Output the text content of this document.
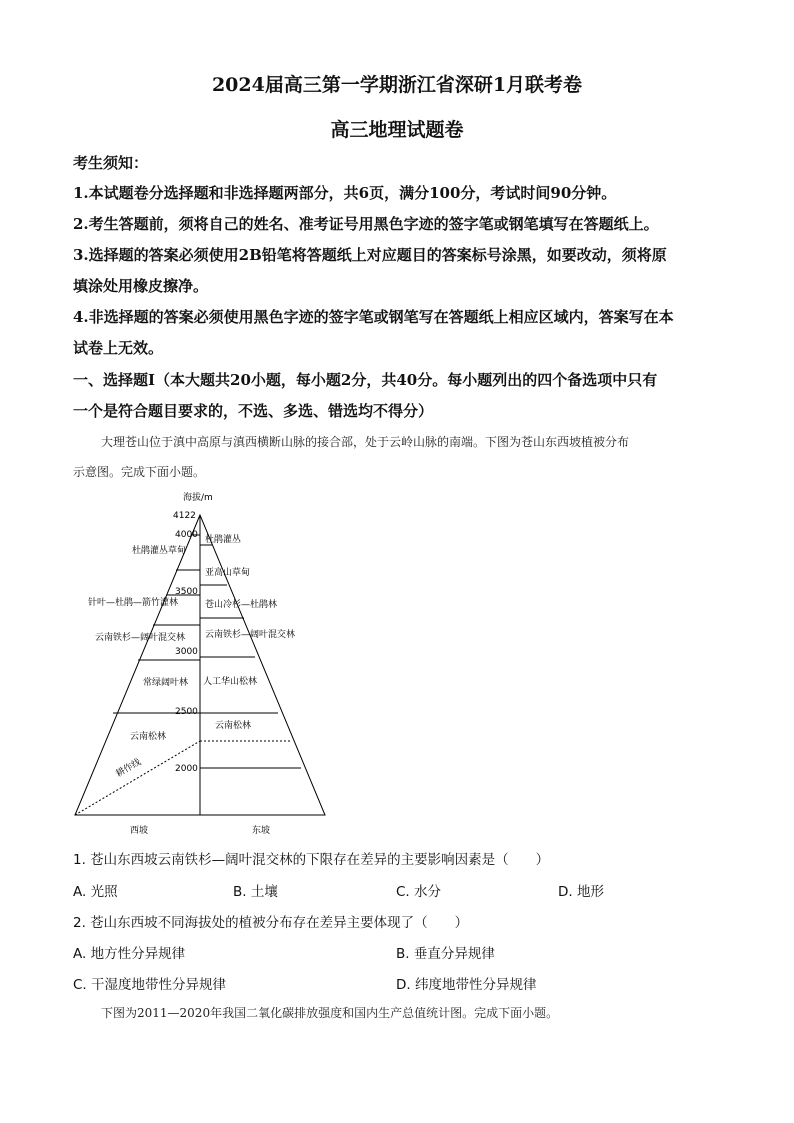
2024届高三第一学期浙江省深研1月联考卷
高三地理试题卷
考生须知：
1.本试题卷分选择题和非选择题两部分，共6页，满分100分，考试时间90分钟。
2.考生答题前，须将自己的姓名、准考证号用黑色字迹的签字笔或钢笔填写在答题纸上。
3.选择题的答案必须使用2B铅笔将答题纸上对应题目的答案标号涂黑，如要改动，须将原
填涂处用橡皮擦净。
4.非选择题的答案必须使用黑色字迹的签字笔或钢笔写在答题纸上相应区域内，答案写在本
试卷上无效。
一、选择题Ⅰ（本大题共20小题，每小题2分，共40分。每小题列出的四个备选项中只有
一个是符合题目要求的，不选、多选、错选均不得分）
大理苍山位于滇中高原与滇西横断山脉的接合部，处于云岭山脉的南端。下图为苍山东西坡植被分布
示意图。完成下面小题。
海拔/m
4122
4000
3500
3000
2500
2000
耕作线
杜鹃灌丛草甸
针叶—杜鹃—箭竹灌林
云南铁杉—阔叶混交林
常绿阔叶林
云南松林
杜鹃灌丛
亚高山草甸
苍山冷杉—杜鹃林
云南铁杉—阔叶混交林
人工华山松林
云南松林
西坡	东坡
1. 苍山东西坡云南铁杉—阔叶混交林的下限存在差异的主要影响因素是（　　）
A. 光照	B. 土壤	C. 水分	D. 地形
2. 苍山东西坡不同海拔处的植被分布存在差异主要体现了（　　）
A. 地方性分异规律	B. 垂直分异规律
C. 干湿度地带性分异规律	D. 纬度地带性分异规律
下图为2011—2020年我国二氧化碳排放强度和国内生产总值统计图。完成下面小题。
